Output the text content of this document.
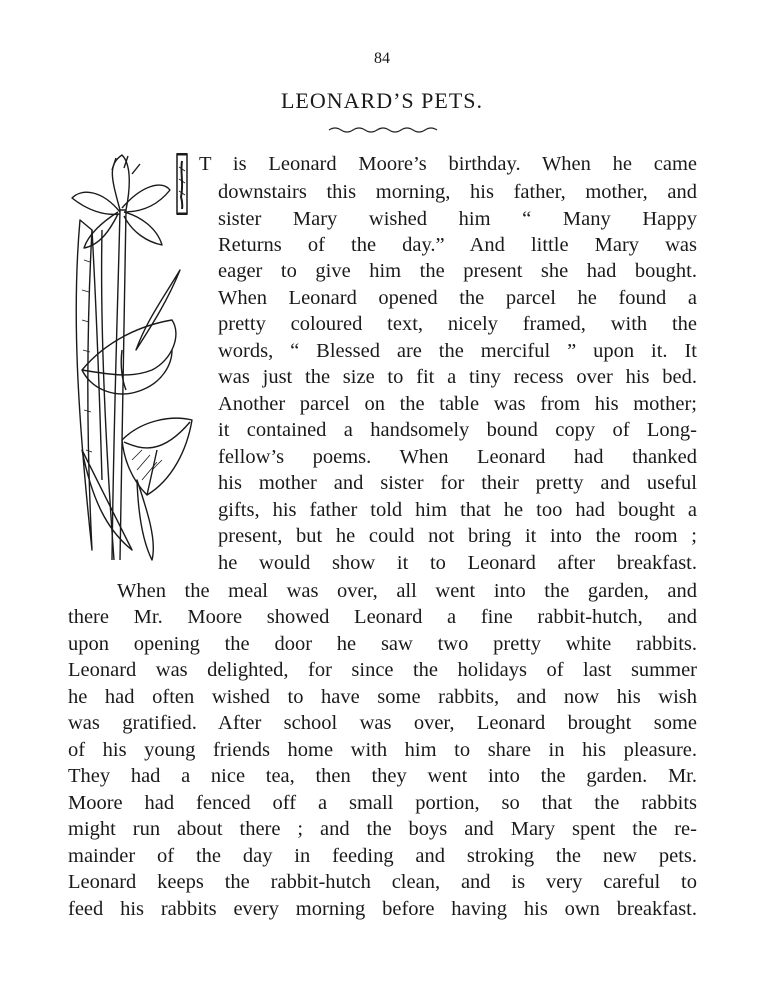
84
LEONARD’S PETS.
T is Leonard Moore’s birthday. When he came
downstairs this morning, his father, mother, and
sister Mary wished him “ Many Happy
Returns of the day.” And little Mary was
eager to give him the present she had bought.
When Leonard opened the parcel he found a
pretty coloured text, nicely framed, with the
words, “ Blessed are the merciful ” upon it. It
was just the size to fit a tiny recess over his bed.
Another parcel on the table was from his mother;
it contained a handsomely bound copy of Long-
fellow’s poems. When Leonard had thanked
his mother and sister for their pretty and useful
gifts, his father told him that he too had bought a
present, but he could not bring it into the room ;
he would show it to Leonard after breakfast.
When the meal was over, all went into the garden, and
there Mr. Moore showed Leonard a fine rabbit-hutch, and
upon opening the door he saw two pretty white rabbits.
Leonard was delighted, for since the holidays of last summer
he had often wished to have some rabbits, and now his wish
was gratified. After school was over, Leonard brought some
of his young friends home with him to share in his pleasure.
They had a nice tea, then they went into the garden. Mr.
Moore had fenced off a small portion, so that the rabbits
might run about there ; and the boys and Mary spent the re-
mainder of the day in feeding and stroking the new pets.
Leonard keeps the rabbit-hutch clean, and is very careful to
feed his rabbits every morning before having his own breakfast.
